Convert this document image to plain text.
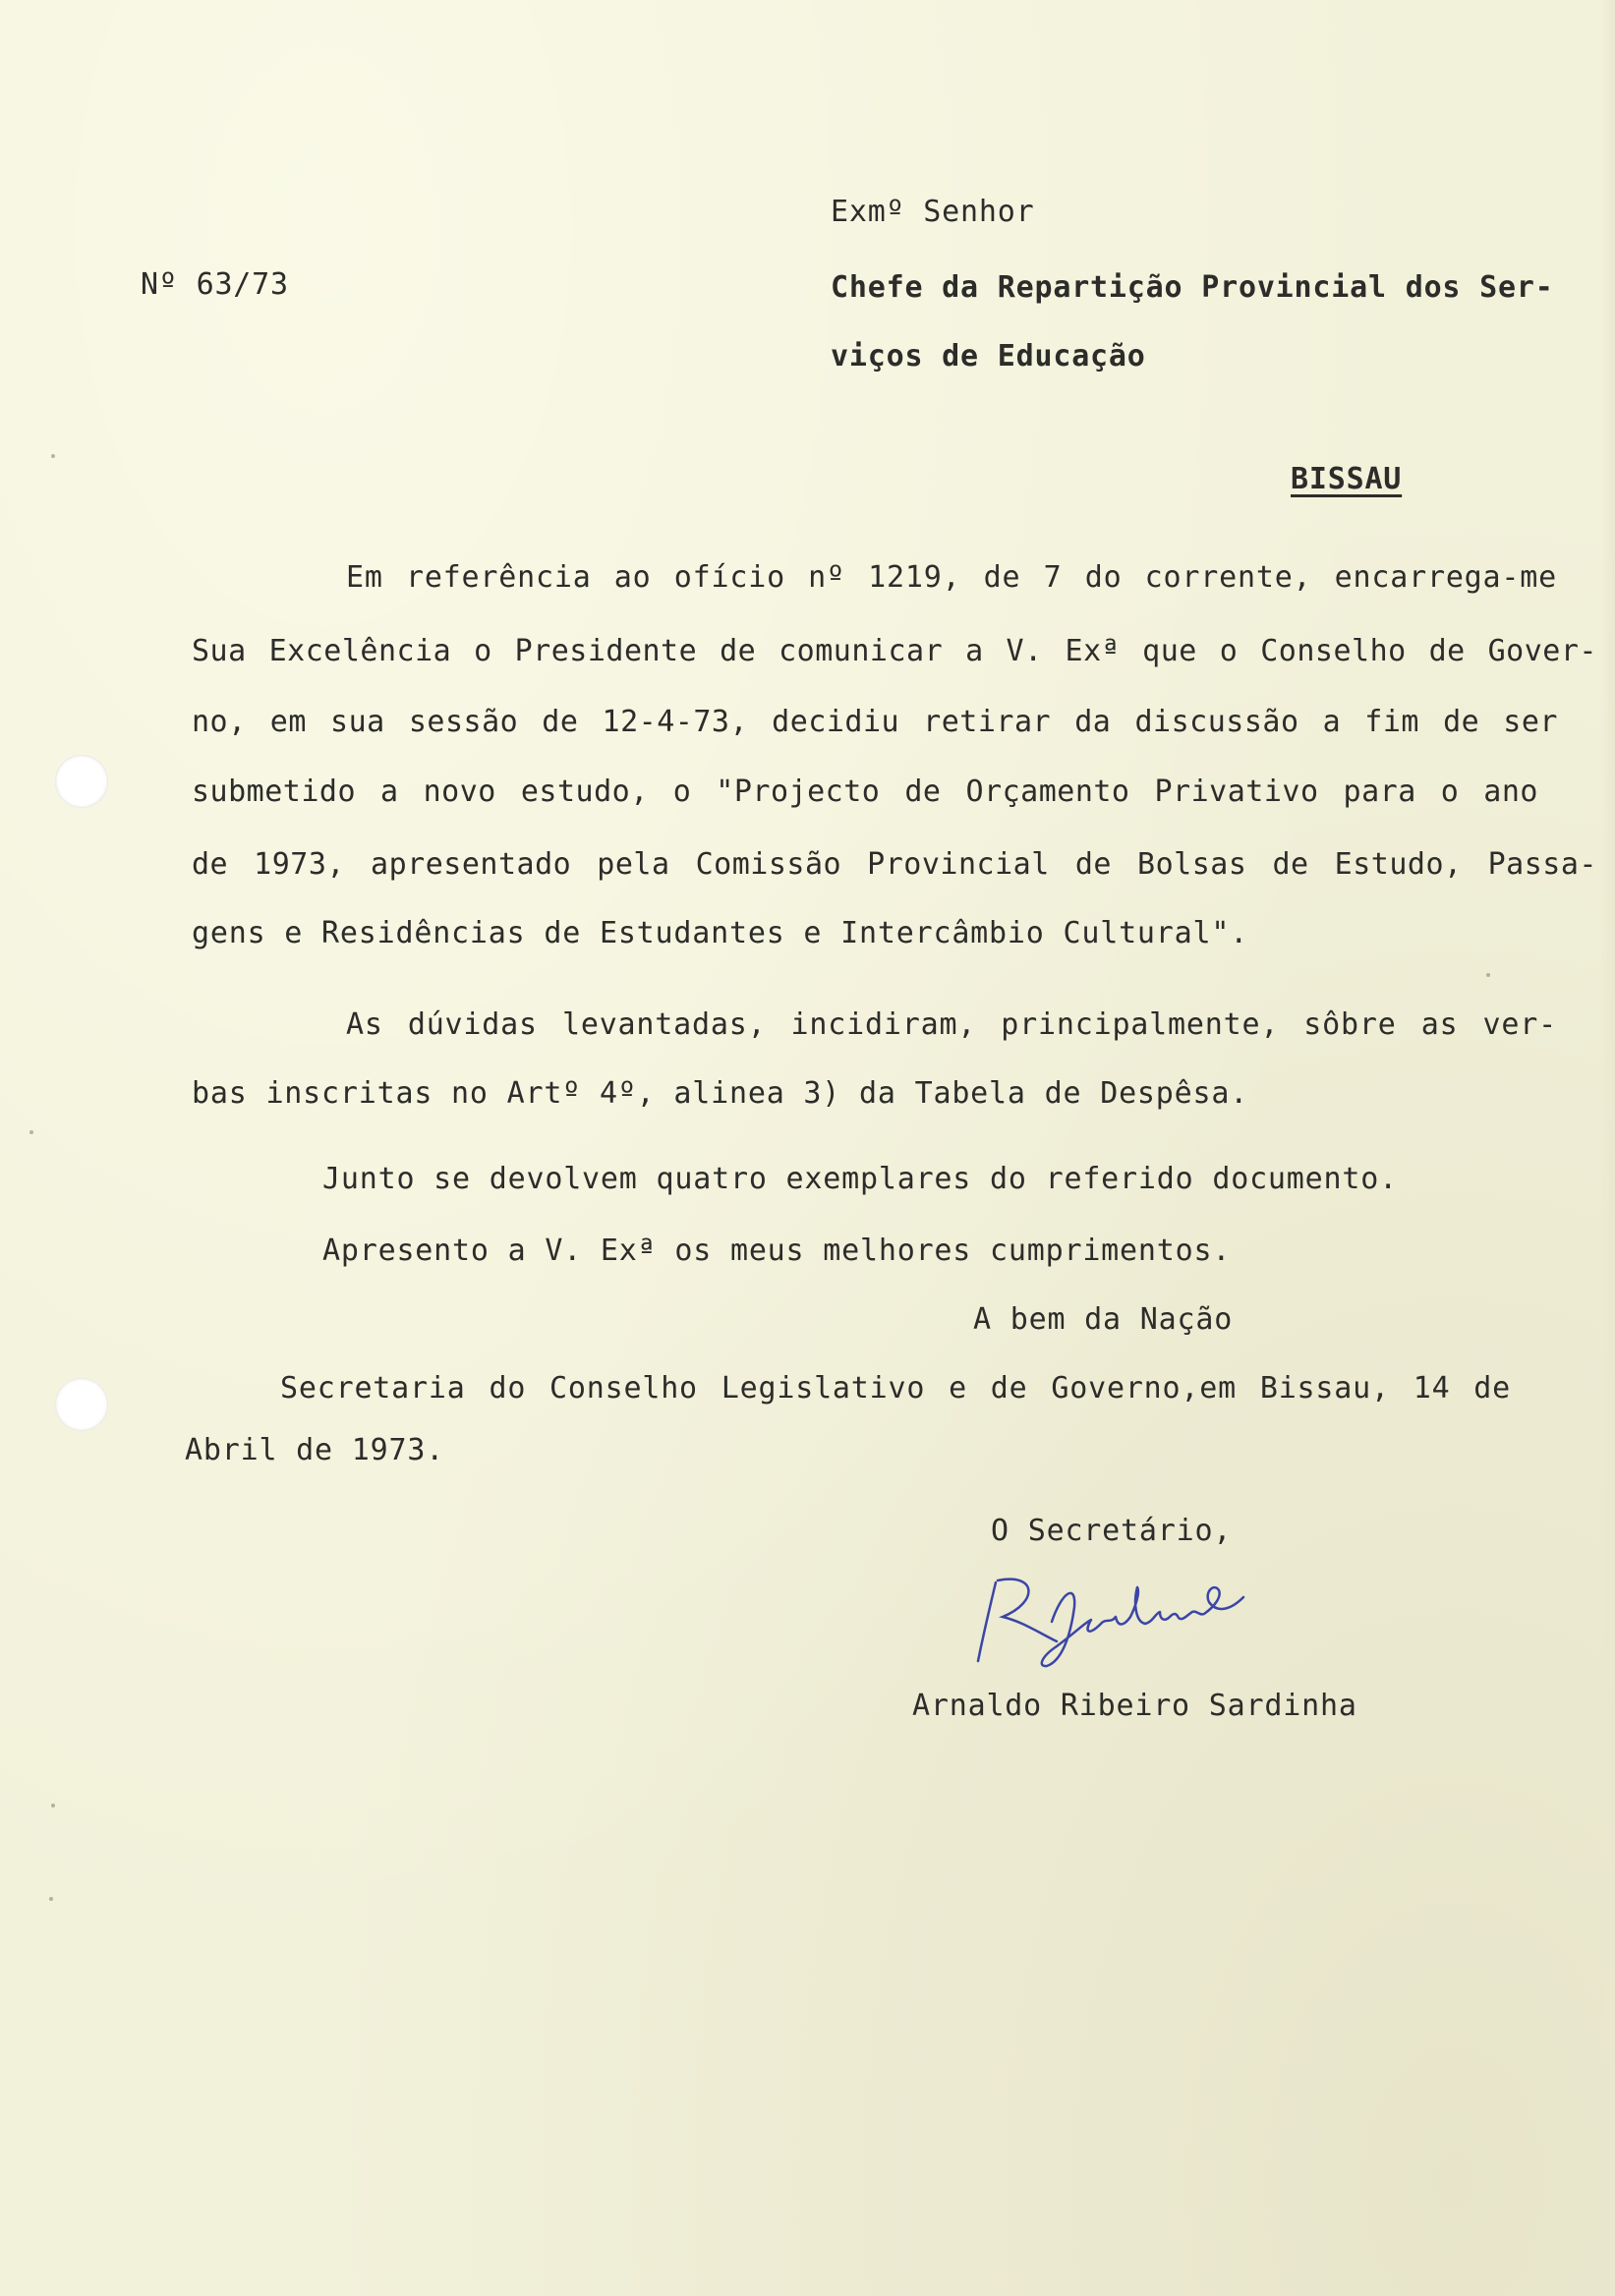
Nº 63/73
Exmº Senhor
Chefe da Repartição Provincial dos Ser-
viços de Educação
BISSAU
Em referência ao ofício nº 1219, de 7 do corrente, encarrega-me
Sua Excelência o Presidente de comunicar a V. Exª que o Conselho de Gover-
no, em sua sessão de 12-4-73, decidiu retirar da discussão a fim de ser
submetido a novo estudo, o "Projecto de Orçamento Privativo para o ano
de 1973, apresentado pela Comissão Provincial de Bolsas de Estudo, Passa-
gens e Residências de Estudantes e Intercâmbio Cultural".
As dúvidas levantadas, incidiram, principalmente, sôbre as ver-
bas inscritas no Artº 4º, alinea 3) da Tabela de Despêsa.
Junto se devolvem quatro exemplares do referido documento.
Apresento a V. Exª os meus melhores cumprimentos.
A bem da Nação
Secretaria do Conselho Legislativo e de Governo,em Bissau, 14 de
Abril de 1973.
O Secretário,
Arnaldo Ribeiro Sardinha
